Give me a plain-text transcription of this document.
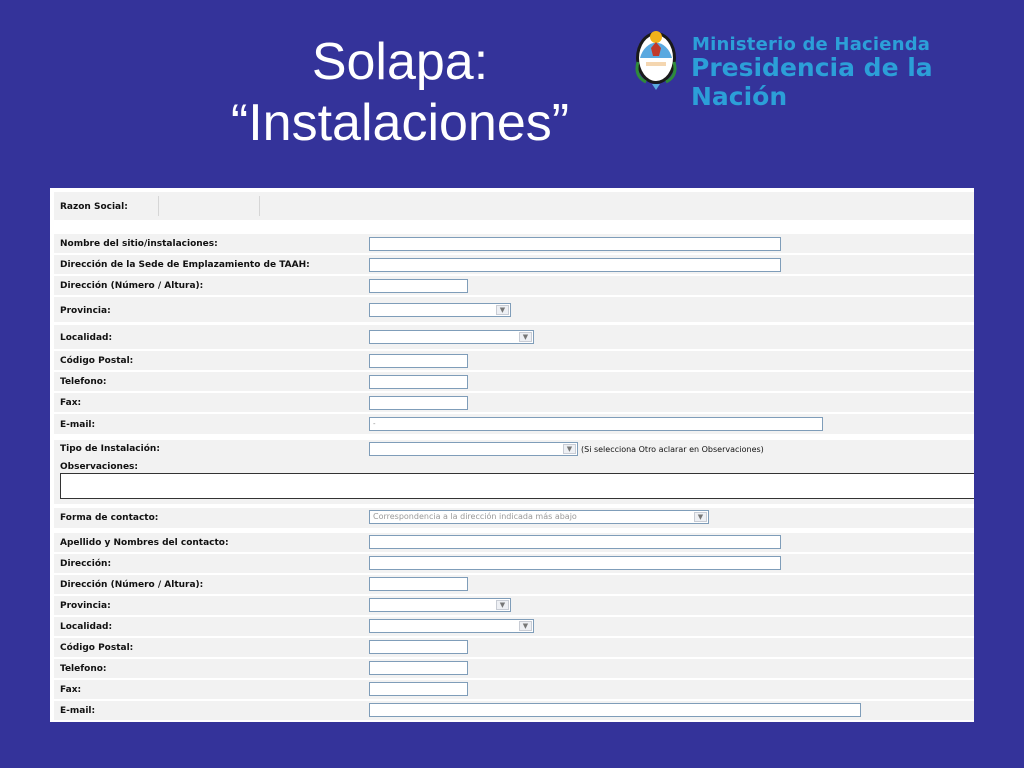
Solapa:
“Instalaciones”
Ministerio de Hacienda
Presidencia de la Nación
Razon Social:
Nombre del sitio/instalaciones:
Dirección de la Sede de Emplazamiento de TAAH:
Dirección (Número / Altura):
Provincia:	▼
Localidad:	▼
Código Postal:
Telefono:
Fax:
E-mail:	-
Tipo de Instalación:	▼	(Si selecciona Otro aclarar en Observaciones)
Observaciones:
Forma de contacto:	Correspondencia a la dirección indicada más abajo	▼
Apellido y Nombres del contacto:
Dirección:
Dirección (Número / Altura):
Provincia:	▼
Localidad:	▼
Código Postal:
Telefono:
Fax:
E-mail:
